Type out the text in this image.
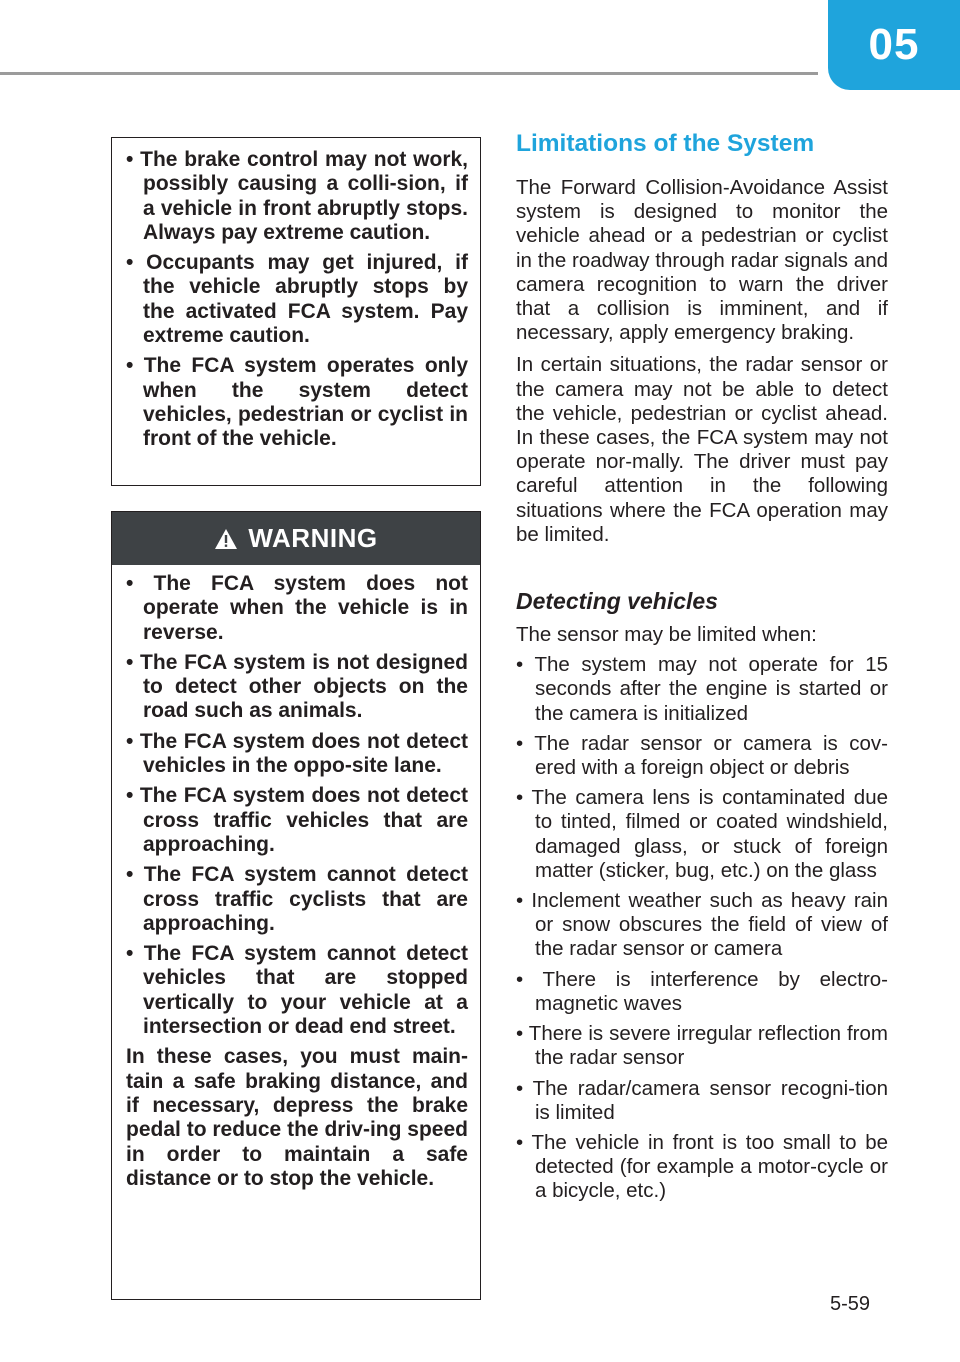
05
• The brake control may not work, possibly causing a colli-sion, if a vehicle in front abruptly stops. Always pay extreme caution.
• Occupants may get injured, if the vehicle abruptly stops by the activated FCA system. Pay extreme caution.
• The FCA system operates only when the system detect vehicles, pedestrian or cyclist in front of the vehicle.
WARNING
• The FCA system does not operate when the vehicle is in reverse.
• The FCA system is not designed to detect other objects on the road such as animals.
• The FCA system does not detect vehicles in the oppo-site lane.
• The FCA system does not detect cross traffic vehicles that are approaching.
• The FCA system cannot detect cross traffic cyclists that are approaching.
• The FCA system cannot detect vehicles that are stopped vertically to your vehicle at a intersection or dead end street.

In these cases, you must main-tain a safe braking distance, and if necessary, depress the brake pedal to reduce the driv-ing speed in order to maintain a safe distance or to stop the vehicle.

Limitations of the System

The Forward Collision-Avoidance Assist system is designed to monitor the vehicle ahead or a pedestrian or cyclist in the roadway through radar signals and camera recognition to warn the driver that a collision is imminent, and if necessary, apply emergency braking.

In certain situations, the radar sensor or the camera may not be able to detect the vehicle, pedestrian or cyclist ahead. In these cases, the FCA system may not operate nor-mally. The driver must pay careful attention in the following situations where the FCA operation may be limited.

Detecting vehicles

The sensor may be limited when:

• The system may not operate for 15 seconds after the engine is started or the camera is initialized
• The radar sensor or camera is cov-ered with a foreign object or debris
• The camera lens is contaminated due to tinted, filmed or coated windshield, damaged glass, or stuck of foreign matter (sticker, bug, etc.) on the glass
• Inclement weather such as heavy rain or snow obscures the field of view of the radar sensor or camera
• There is interference by electro-magnetic waves
• There is severe irregular reflection from the radar sensor
• The radar/camera sensor recogni-tion is limited
• The vehicle in front is too small to be detected (for example a motor-cycle or a bicycle, etc.)
5-59
